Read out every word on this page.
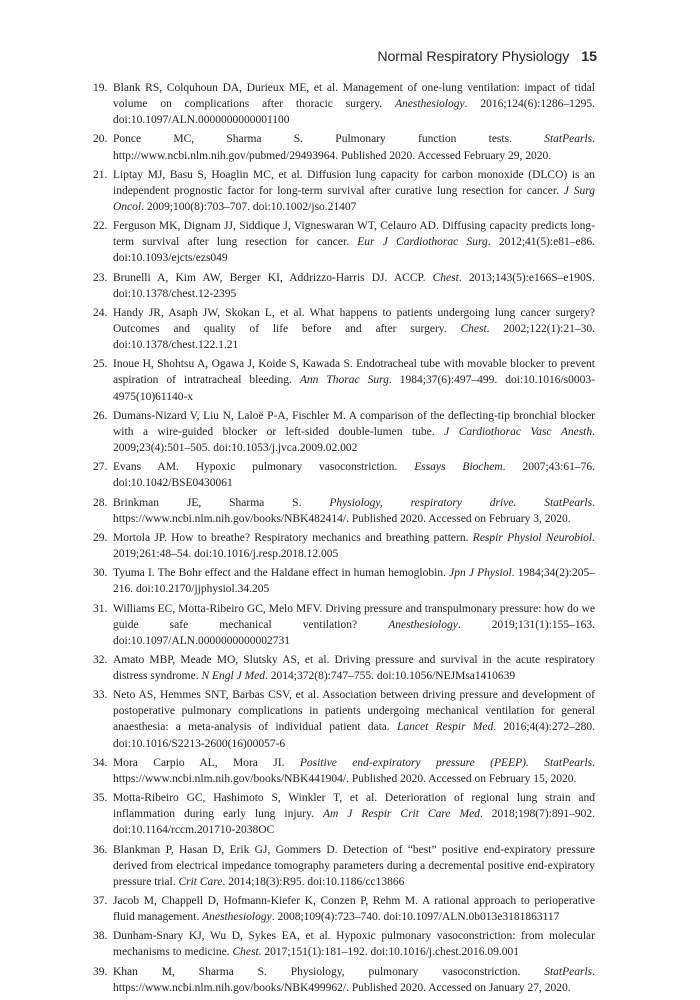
Normal Respiratory Physiology 15
19. Blank RS, Colquhoun DA, Durieux ME, et al. Management of one-lung ventilation: impact of tidal volume on complications after thoracic surgery. Anesthesiology. 2016;124(6):1286–1295. doi:10.1097/ALN.0000000000001100
20. Ponce MC, Sharma S. Pulmonary function tests. StatPearls. http://www.ncbi.nlm.nih.gov/pubmed/29493964. Published 2020. Accessed February 29, 2020.
21. Liptay MJ, Basu S, Hoaglin MC, et al. Diffusion lung capacity for carbon monoxide (DLCO) is an independent prognostic factor for long-term survival after curative lung resection for cancer. J Surg Oncol. 2009;100(8):703–707. doi:10.1002/jso.21407
22. Ferguson MK, Dignam JJ, Siddique J, Vigneswaran WT, Celauro AD. Diffusing capacity predicts long-term survival after lung resection for cancer. Eur J Cardiothorac Surg. 2012;41(5):e81–e86. doi:10.1093/ejcts/ezs049
23. Brunelli A, Kim AW, Berger KI, Addrizzo-Harris DJ. ACCP. Chest. 2013;143(5):e166S–e190S. doi:10.1378/chest.12-2395
24. Handy JR, Asaph JW, Skokan L, et al. What happens to patients undergoing lung cancer surgery? Outcomes and quality of life before and after surgery. Chest. 2002;122(1):21–30. doi:10.1378/chest.122.1.21
25. Inoue H, Shohtsu A, Ogawa J, Koide S, Kawada S. Endotracheal tube with movable blocker to prevent aspiration of intratracheal bleeding. Ann Thorac Surg. 1984;37(6):497–499. doi:10.1016/s0003-4975(10)61140-x
26. Dumans-Nizard V, Liu N, Laloë P-A, Fischler M. A comparison of the deflecting-tip bronchial blocker with a wire-guided blocker or left-sided double-lumen tube. J Cardiothorac Vasc Anesth. 2009;23(4):501–505. doi:10.1053/j.jvca.2009.02.002
27. Evans AM. Hypoxic pulmonary vasoconstriction. Essays Biochem. 2007;43:61–76. doi:10.1042/BSE0430061
28. Brinkman JE, Sharma S. Physiology, respiratory drive. StatPearls. https://www.ncbi.nlm.nih.gov/books/NBK482414/. Published 2020. Accessed on February 3, 2020.
29. Mortola JP. How to breathe? Respiratory mechanics and breathing pattern. Respir Physiol Neurobiol. 2019;261:48–54. doi:10.1016/j.resp.2018.12.005
30. Tyuma I. The Bohr effect and the Haldane effect in human hemoglobin. Jpn J Physiol. 1984;34(2):205–216. doi:10.2170/jjphysiol.34.205
31. Williams EC, Motta-Ribeiro GC, Melo MFV. Driving pressure and transpulmonary pressure: how do we guide safe mechanical ventilation? Anesthesiology. 2019;131(1):155–163. doi:10.1097/ALN.0000000000002731
32. Amato MBP, Meade MO, Slutsky AS, et al. Driving pressure and survival in the acute respiratory distress syndrome. N Engl J Med. 2014;372(8):747–755. doi:10.1056/NEJMsa1410639
33. Neto AS, Hemmes SNT, Barbas CSV, et al. Association between driving pressure and development of postoperative pulmonary complications in patients undergoing mechanical ventilation for general anaesthesia: a meta-analysis of individual patient data. Lancet Respir Med. 2016;4(4):272–280. doi:10.1016/S2213-2600(16)00057-6
34. Mora Carpio AL, Mora JI. Positive end-expiratory pressure (PEEP). StatPearls. https://www.ncbi.nlm.nih.gov/books/NBK441904/. Published 2020. Accessed on February 15, 2020.
35. Motta-Ribeiro GC, Hashimoto S, Winkler T, et al. Deterioration of regional lung strain and inflammation during early lung injury. Am J Respir Crit Care Med. 2018;198(7):891–902. doi:10.1164/rccm.201710-2038OC
36. Blankman P, Hasan D, Erik GJ, Gommers D. Detection of “best” positive end-expiratory pressure derived from electrical impedance tomography parameters during a decremental positive end-expiratory pressure trial. Crit Care. 2014;18(3):R95. doi:10.1186/cc13866
37. Jacob M, Chappell D, Hofmann-Kiefer K, Conzen P, Rehm M. A rational approach to perioperative fluid management. Anesthesiology. 2008;109(4):723–740. doi:10.1097/ALN.0b013e3181863117
38. Dunham-Snary KJ, Wu D, Sykes EA, et al. Hypoxic pulmonary vasoconstriction: from molecular mechanisms to medicine. Chest. 2017;151(1):181–192. doi:10.1016/j.chest.2016.09.001
39. Khan M, Sharma S. Physiology, pulmonary vasoconstriction. StatPearls. https://www.ncbi.nlm.nih.gov/books/NBK499962/. Published 2020. Accessed on January 27, 2020.
